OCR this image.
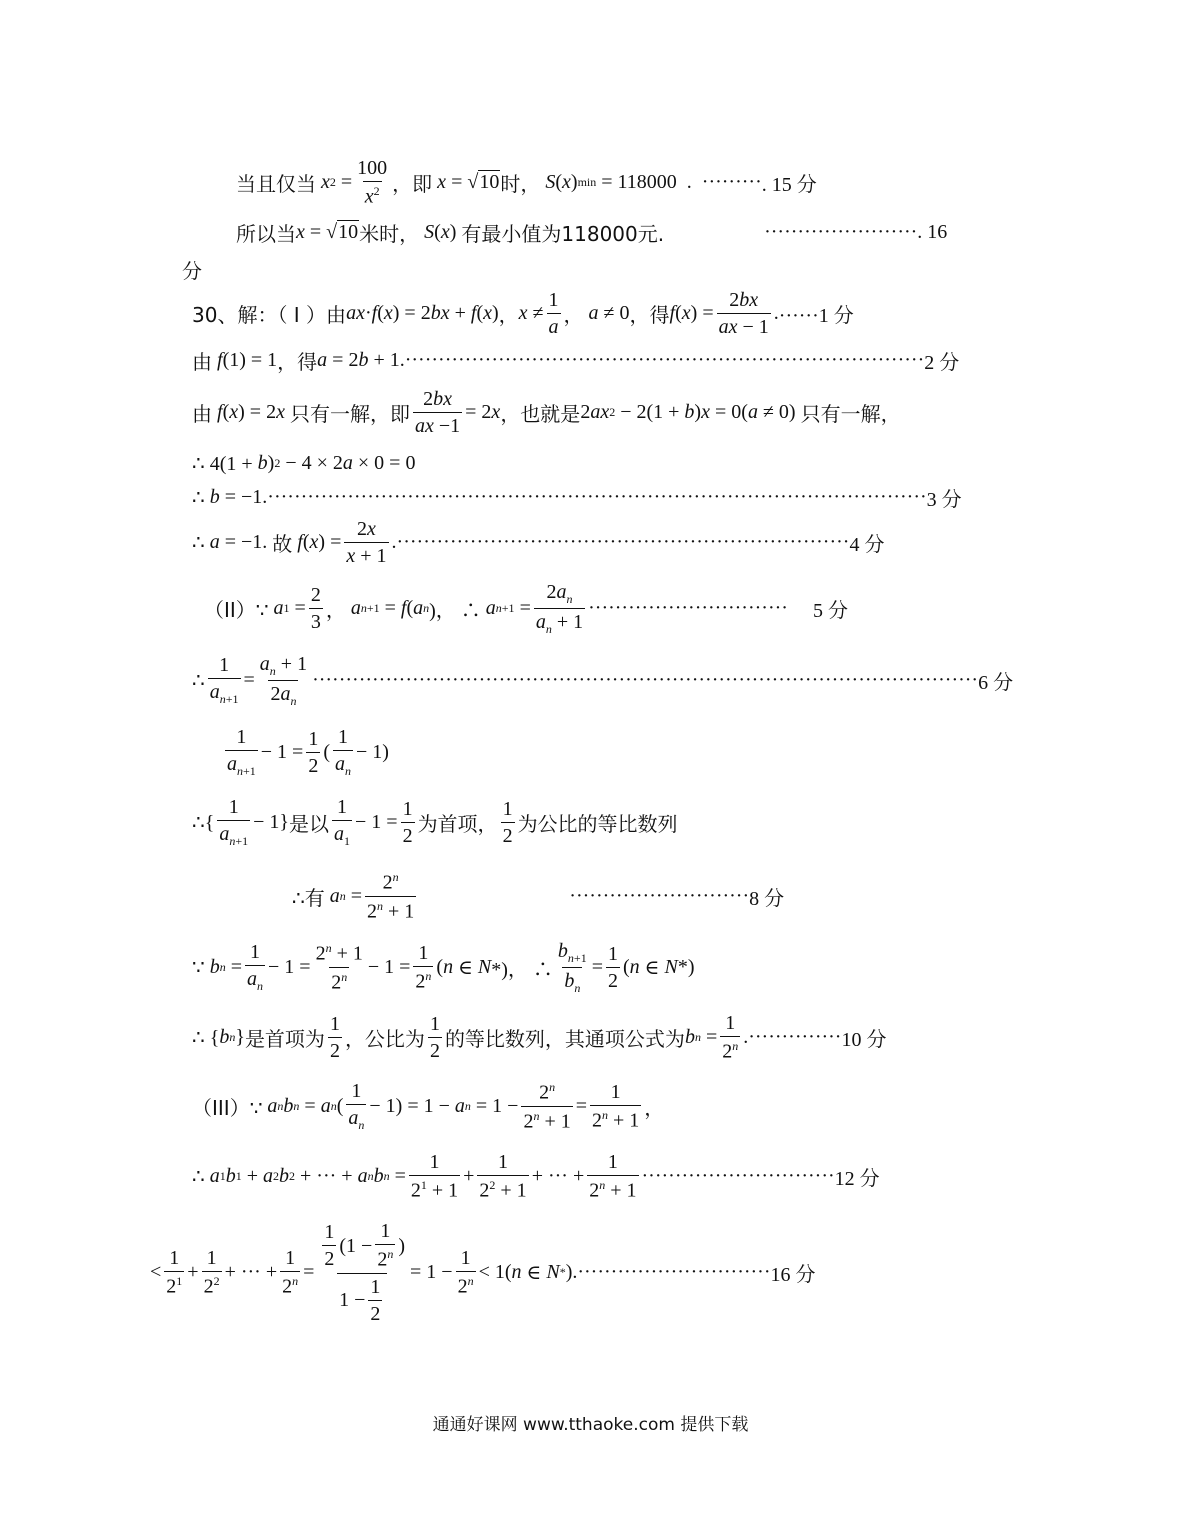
当且仅当 x 2 =
100
$x^2$ ，即 x = √10 时，
S ( x ) min
= 118000 . ········· . 15 分
所以当 x = √10 米时，
S ( x ) 有最小值为118000元.	······················· . 16
分
30、解：（ I ）由 ax · f ( x ) = 2 bx + f ( x ) ， x ≠
1
a ， a ≠ 0 ，得 f ( x ) =
2bx
ax − 1
. ······1 分
由
f (1) = 1 ，得 a = 2 b + 1. ·············································································· 2 分
由
f ( x ) = 2 x
只有一解，即
2bx
ax −1
= 2 x ，也就是 2 ax 2 − 2(1 + b ) x = 0( a ≠ 0) 只有一解，
∴ 4(1 + b ) 2 − 4 × 2 a × 0 = 0
∴ b = −1. ··································································································· 3 分
∴ a = −1. 故
f ( x ) =
2x
x + 1
. ···································································· 4 分
（II）∵
a 1 =
2
3 ， a n+1 = f ( a n )， ∴ a n+1 =
$2a_n$
$a_n + 1$
······························
5 分
∴
1
$a_{n+1}$
=
$a_n + 1$
$2a_n$
···································································································· 6 分
1
$a_{n+1}$
− 1 =
1
2
(
1
$a_n$
− 1)
∴{
1
$a_{n+1}$
− 1} 是以
1
$a_1$
− 1 =
1
2 为首项，
1
2 为公比的等比数列
∴有
a n =
$2^n$
$2^n + 1$
··························· 8 分
∵ b n =
1
$a_n$
− 1 =
$2^n + 1$
$2^n - 1$ =
1
2$^n$ ( n ∈ N *)， ∴
$b_{n+1}$
$b_n$
=
1
2
( n ∈ N *)
∴ { b n } 是首项为
1
2 ，公比为
1
2 的等比数列，其通项公式为 b n =
1
2$^n$ . ·············· 10 分
（III）∵
a n b n = a n (
1
$a_n$
− 1) = 1 − a n = 1 −
$2^n$
$2^n + 1$
=
1
$2^n + 1$
，
∴ a 1 b 1 + a 2 b 2 + ··· + a n b n =
1
$2^1 + 1$
+
1
$2^2 + 1$
+ ··· +
1
$2^n + 1$
····························· 12 分
<
1
$2^1$ +
1
$2^2$ + ··· +
1
$2^n$ =
1
2
(1 −
1
2$^n$ )
1 −
1
2
= 1 −
1
$2^n < 1$( n ∈ N * ). ····························· 16 分
通通好课网 www.tthaoke.com 提供下载
